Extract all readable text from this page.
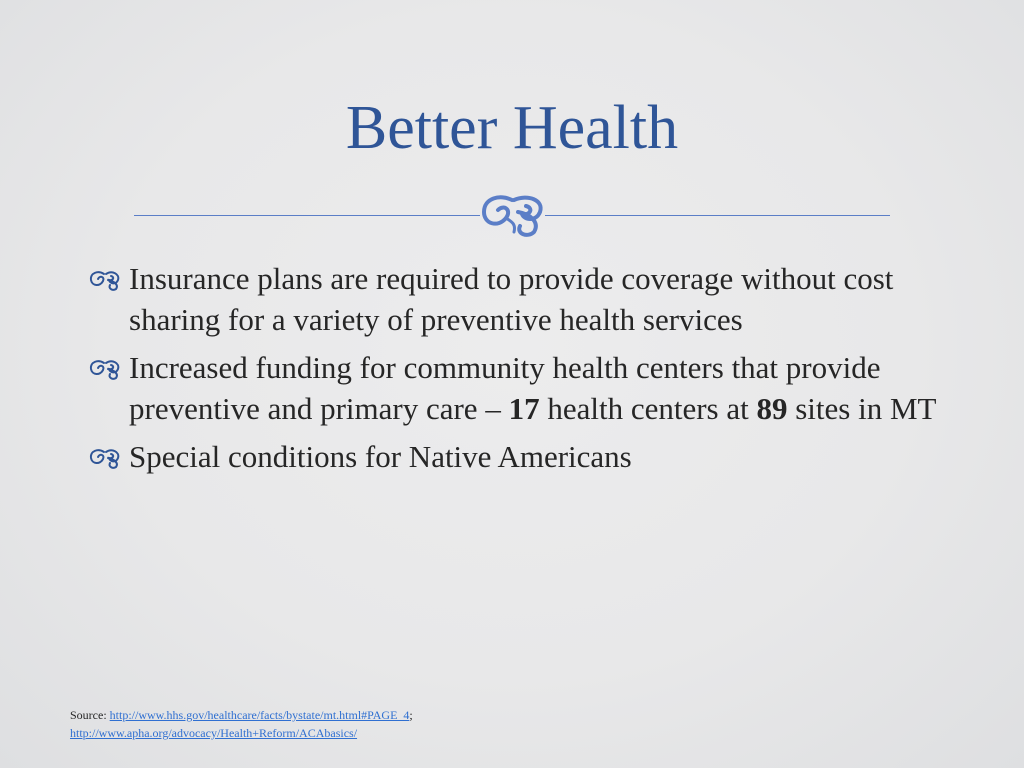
Better Health
Insurance plans are required to provide coverage without cost sharing for a variety of preventive health services
Increased funding for community health centers that provide preventive and primary care – 17 health centers at 89 sites in MT
Special conditions for Native Americans
Source: http://www.hhs.gov/healthcare/facts/bystate/mt.html#PAGE_4;
http://www.apha.org/advocacy/Health+Reform/ACAbasics/
